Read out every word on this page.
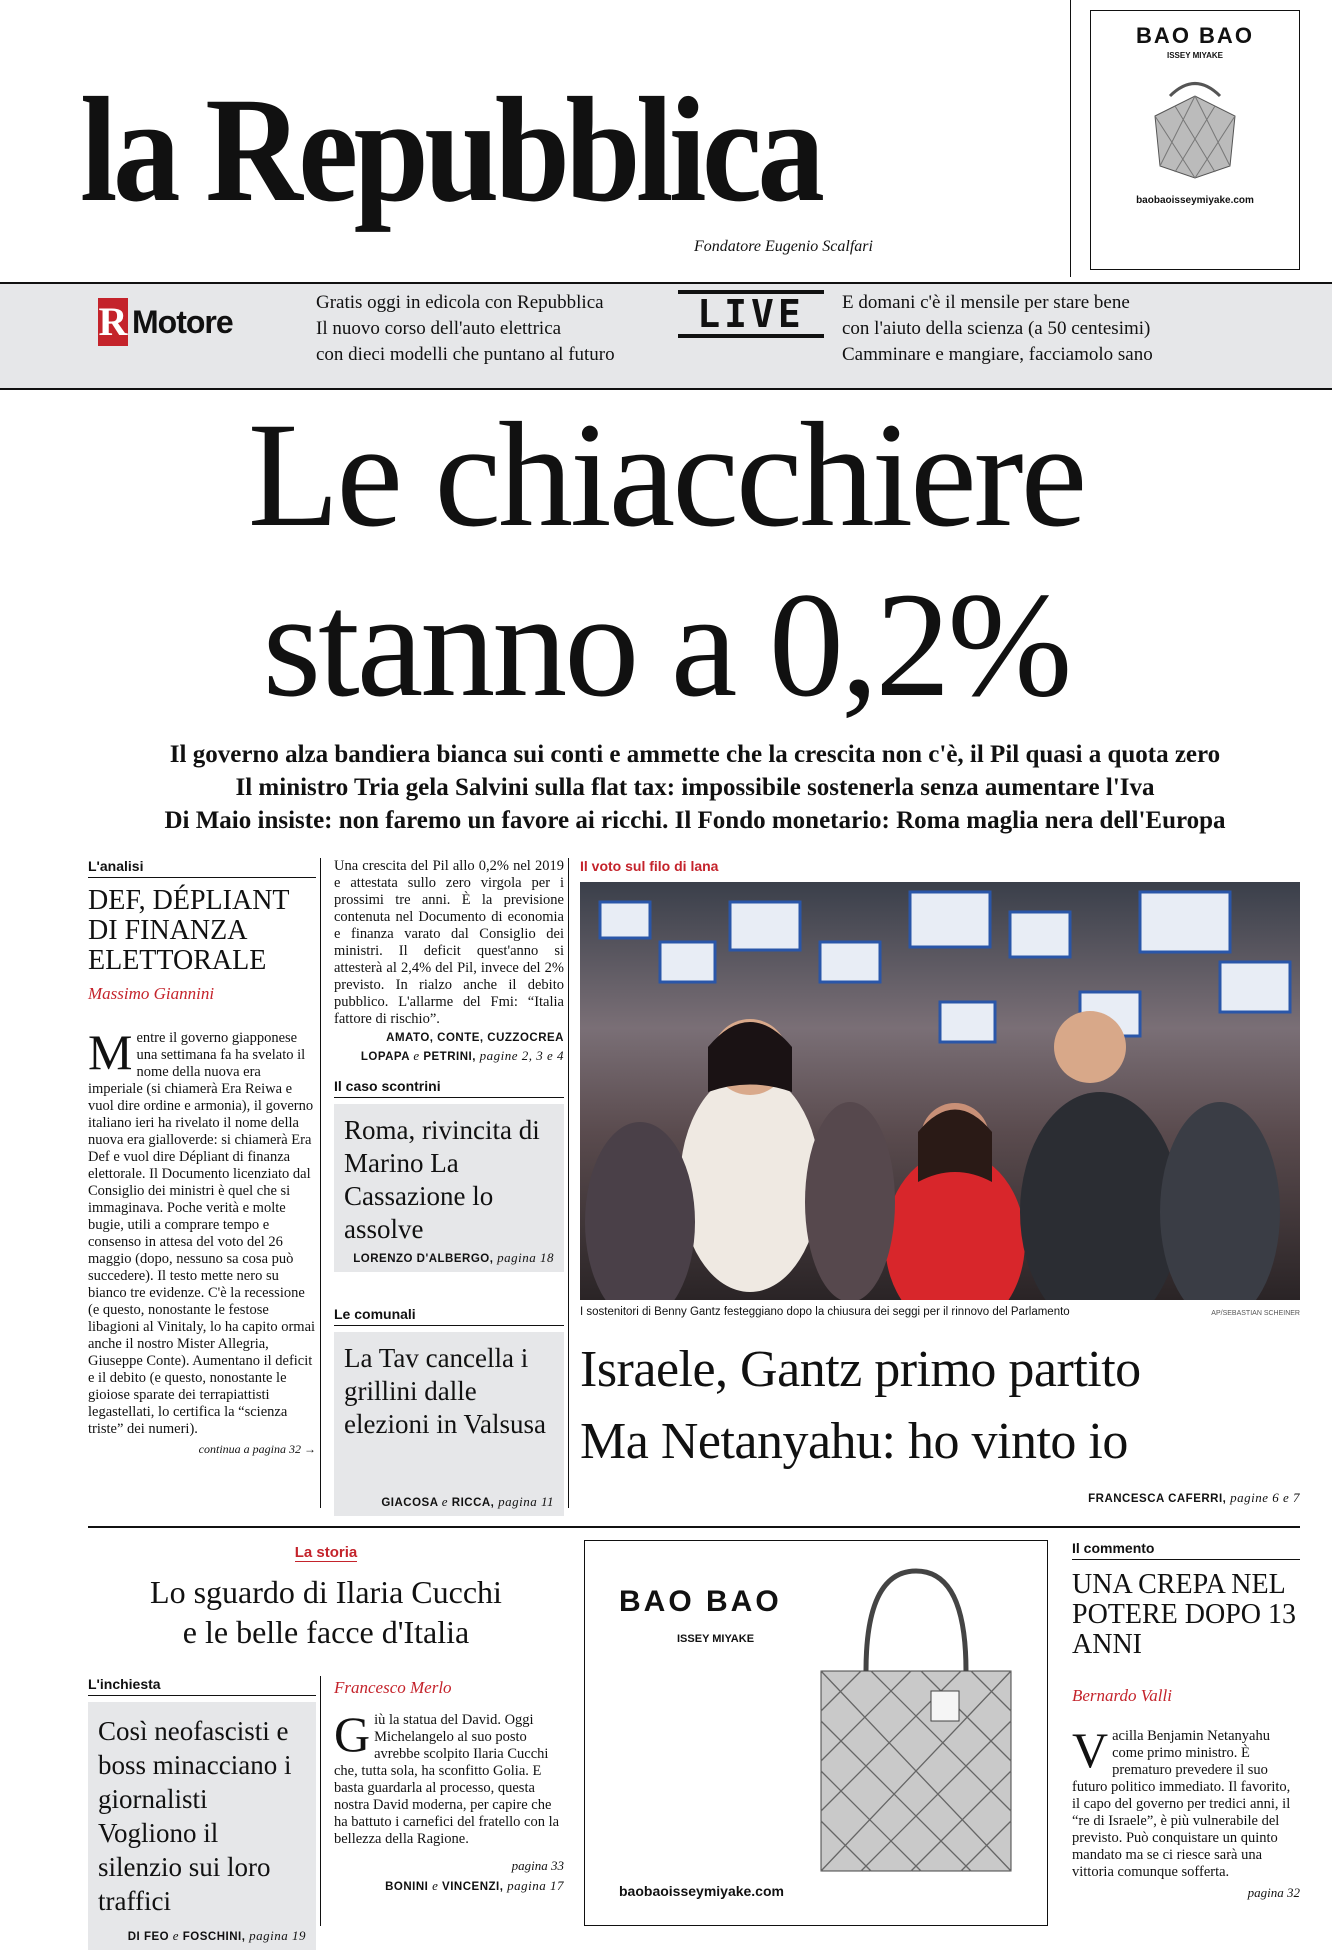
la Repubblica
Fondatore Eugenio Scalfari
BAO BAO
ISSEY MIYAKE
baobaoisseymiyake.com
R Motore
Gratis oggi in edicola con Repubblica
Il nuovo corso dell'auto elettrica
con dieci modelli che puntano al futuro
LIVE	E domani c'è il mensile per stare bene
con l'aiuto della scienza (a 50 centesimi)
Camminare e mangiare, facciamolo sano
Le chiacchiere
stanno a 0,2%
Il governo alza bandiera bianca sui conti e ammette che la crescita non c'è, il Pil quasi a quota zero
Il ministro Tria gela Salvini sulla flat tax: impossibile sostenerla senza aumentare l'Iva
Di Maio insiste: non faremo un favore ai ricchi. Il Fondo monetario: Roma maglia nera dell'Europa
L'analisi
DEF, DÉPLIANT DI FINANZA ELETTORALE
Massimo Giannini
Mentre il governo giapponese una settimana fa ha svelato il nome della nuova era imperiale (si chiamerà Era Reiwa e vuol dire ordine e armonia), il governo italiano ieri ha rivelato il nome della nuova era gialloverde: si chiamerà Era Def e vuol dire Dépliant di finanza elettorale. Il Documento licenziato dal Consiglio dei ministri è quel che si immaginava. Poche verità e molte bugie, utili a comprare tempo e consenso in attesa del voto del 26 maggio (dopo, nessuno sa cosa può succedere). Il testo mette nero su bianco tre evidenze. C'è la recessione (e questo, nonostante le festose libagioni al Vinitaly, lo ha capito ormai anche il nostro Mister Allegria, Giuseppe Conte). Aumentano il deficit e il debito (e questo, nonostante le gioiose sparate dei terrapiattisti legastellati, lo certifica la “scienza triste” dei numeri).
continua a pagina 32 →
Una crescita del Pil allo 0,2% nel 2019 e attestata sullo zero virgola per i prossimi tre anni. È la previsione contenuta nel Documento di economia e finanza varato dal Consiglio dei ministri. Il deficit quest'anno si attesterà al 2,4% del Pil, invece del 2% previsto. In rialzo anche il debito pubblico. L'allarme del Fmi: “Italia fattore di rischio”.
AMATO, CONTE, CUZZOCREA
LOPAPA e PETRINI, pagine 2, 3 e 4
Il caso scontrini
Roma, rivincita di Marino La Cassazione lo assolve
LORENZO D'ALBERGO, pagina 18
Le comunali
La Tav cancella i grillini dalle elezioni in Valsusa
GIACOSA e RICCA, pagina 11
Il voto sul filo di lana
I sostenitori di Benny Gantz festeggiano dopo la chiusura dei seggi per il rinnovo del Parlamento	AP/SEBASTIAN SCHEINER
Israele, Gantz primo partito
Ma Netanyahu: ho vinto io
FRANCESCA CAFERRI, pagine 6 e 7
La storia
Lo sguardo di Ilaria Cucchi
e le belle facce d'Italia
L'inchiesta
Così neofascisti e boss minacciano i giornalisti Vogliono il silenzio sui loro traffici
DI FEO e FOSCHINI, pagina 19
Francesco Merlo
Giù la statua del David. Oggi Michelangelo al suo posto avrebbe scolpito Ilaria Cucchi che, tutta sola, ha sconfitto Golia. E basta guardarla al processo, questa nostra David moderna, per capire che ha battuto i carnefici del fratello con la bellezza della Ragione.
pagina 33
BONINI e VINCENZI, pagina 17
BAO BAO
ISSEY MIYAKE
baobaoisseymiyake.com
Il commento
UNA CREPA NEL POTERE DOPO 13 ANNI
Bernardo Valli
Vacilla Benjamin Netanyahu come primo ministro. È prematuro prevedere il suo futuro politico immediato. Il favorito, il capo del governo per tredici anni, il “re di Israele”, è più vulnerabile del previsto. Può conquistare un quinto mandato ma se ci riesce sarà una vittoria comunque sofferta.
pagina 32
